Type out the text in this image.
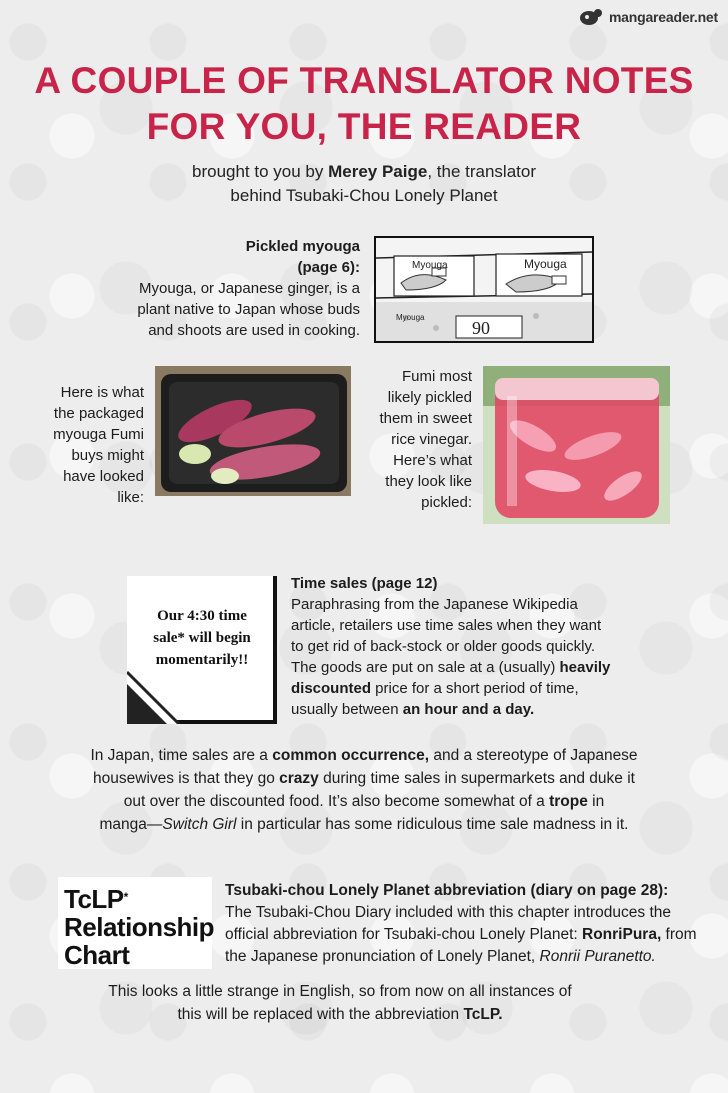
mangareader.net
A COUPLE OF TRANSLATOR NOTES
FOR YOU, THE READER
brought to you by Merey Paige, the translator
behind Tsubaki-Chou Lonely Planet
Pickled myouga
(page 6):
Myouga, or Japanese ginger, is a
plant native to Japan whose buds
and shoots are used in cooking.
Myouga	Myouga
Myouga
90
Here is what
the packaged
myouga Fumi
buys might
have looked
like:
Fumi most
likely pickled
them in sweet
rice vinegar.
Here’s what
they look like
pickled:
Our 4:30 time
sale* will begin
momentarily!!
Time sales (page 12)
Paraphrasing from the Japanese Wikipedia
article, retailers use time sales when they want
to get rid of back-stock or older goods quickly.
The goods are put on sale at a (usually) heavily
discounted price for a short period of time,
usually between an hour and a day.
In Japan, time sales are a common occurrence, and a stereotype of Japanese
housewives is that they go crazy during time sales in supermarkets and duke it
out over the discounted food. It’s also become somewhat of a trope in
manga—Switch Girl in particular has some ridiculous time sale madness in it.
TcLP*
Relationship
Chart
Tsubaki-chou Lonely Planet abbreviation (diary on page 28):
The Tsubaki-Chou Diary included with this chapter introduces the
official abbreviation for Tsubaki-chou Lonely Planet: RonriPura, from
the Japanese pronunciation of Lonely Planet, Ronrii Puranetto.
This looks a little strange in English, so from now on all instances of
this will be replaced with the abbreviation TcLP.
